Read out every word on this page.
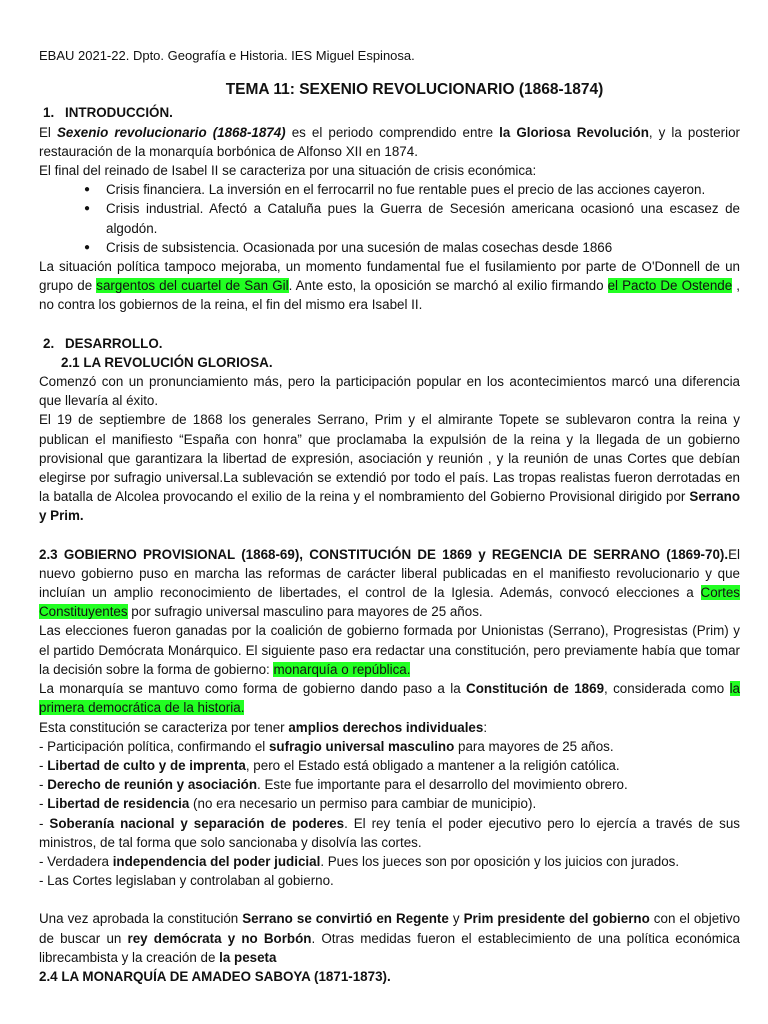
EBAU 2021-22. Dpto. Geografía e Historia. IES Miguel Espinosa.
TEMA 11: SEXENIO REVOLUCIONARIO (1868-1874)
1. INTRODUCCIÓN.

El Sexenio revolucionario (1868-1874) es el periodo comprendido entre la Gloriosa Revolución, y la posterior restauración de la monarquía borbónica de Alfonso XII en 1874.

El final del reinado de Isabel II se caracteriza por una situación de crisis económica:

● Crisis financiera. La inversión en el ferrocarril no fue rentable pues el precio de las acciones cayeron.
● Crisis industrial. Afectó a Cataluña pues la Guerra de Secesión americana ocasionó una escasez de algodón.
● Crisis de subsistencia. Ocasionada por una sucesión de malas cosechas desde 1866

La situación política tampoco mejoraba, un momento fundamental fue el fusilamiento por parte de O'Donnell de un grupo de sargentos del cuartel de San Gil. Ante esto, la oposición se marchó al exilio firmando el Pacto De Ostende , no contra los gobiernos de la reina, el fin del mismo era Isabel II.

2. DESARROLLO.
2.1 LA REVOLUCIÓN GLORIOSA.

Comenzó con un pronunciamiento más, pero la participación popular en los acontecimientos marcó una diferencia que llevaría al éxito.

El 19 de septiembre de 1868 los generales Serrano, Prim y el almirante Topete se sublevaron contra la reina y publican el manifiesto “España con honra” que proclamaba la expulsión de la reina y la llegada de un gobierno provisional que garantizara la libertad de expresión, asociación y reunión , y la reunión de unas Cortes que debían elegirse por sufragio universal.La sublevación se extendió por todo el país. Las tropas realistas fueron derrotadas en la batalla de Alcolea provocando el exilio de la reina y el nombramiento del Gobierno Provisional dirigido por Serrano y Prim.

2.3 GOBIERNO PROVISIONAL (1868-69), CONSTITUCIÓN DE 1869 y REGENCIA DE SERRANO (1869-70).El nuevo gobierno puso en marcha las reformas de carácter liberal publicadas en el manifiesto revolucionario y que incluían un amplio reconocimiento de libertades, el control de la Iglesia. Además, convocó elecciones a Cortes Constituyentes por sufragio universal masculino para mayores de 25 años.

Las elecciones fueron ganadas por la coalición de gobierno formada por Unionistas (Serrano), Progresistas (Prim) y el partido Demócrata Monárquico. El siguiente paso era redactar una constitución, pero previamente había que tomar la decisión sobre la forma de gobierno: monarquía o república.

La monarquía se mantuvo como forma de gobierno dando paso a la Constitución de 1869, considerada como la primera democrática de la historia.

Esta constitución se caracteriza por tener amplios derechos individuales:

- Participación política, confirmando el sufragio universal masculino para mayores de 25 años.

- Libertad de culto y de imprenta, pero el Estado está obligado a mantener a la religión católica.

- Derecho de reunión y asociación. Este fue importante para el desarrollo del movimiento obrero.

- Libertad de residencia (no era necesario un permiso para cambiar de municipio).

- Soberanía nacional y separación de poderes. El rey tenía el poder ejecutivo pero lo ejercía a través de sus ministros, de tal forma que solo sancionaba y disolvía las cortes.

- Verdadera independencia del poder judicial. Pues los jueces son por oposición y los juicios con jurados.

- Las Cortes legislaban y controlaban al gobierno.

Una vez aprobada la constitución Serrano se convirtió en Regente y Prim presidente del gobierno con el objetivo de buscar un rey demócrata y no Borbón. Otras medidas fueron el establecimiento de una política económica librecambista y la creación de la peseta

2.4 LA MONARQUÍA DE AMADEO SABOYA (1871-1873).
